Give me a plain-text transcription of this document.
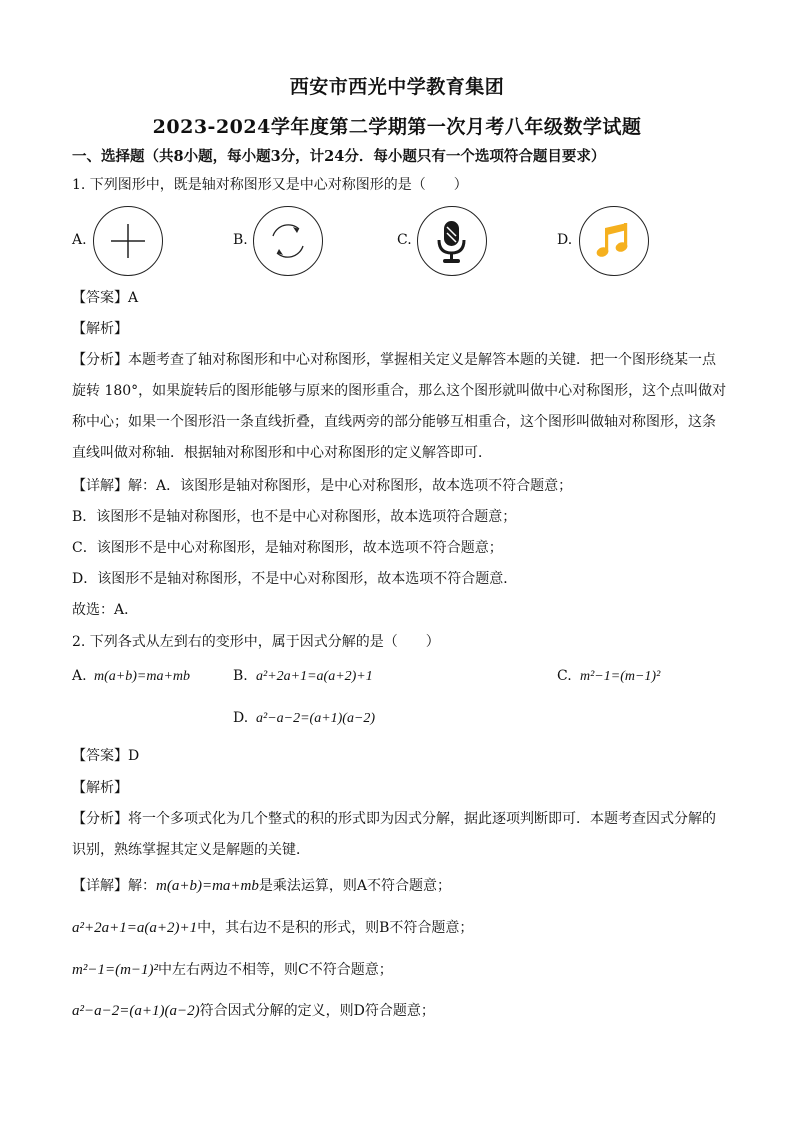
西安市西光中学教育集团
2023-2024学年度第二学期第一次月考八年级数学试题
一、选择题（共8小题，每小题3分，计24分．每小题只有一个选项符合题目要求）
1. 下列图形中，既是轴对称图形又是中心对称图形的是（　　）
A.	B.	C.	D.
【答案】A
【解析】
【分析】本题考查了轴对称图形和中心对称图形，掌握相关定义是解答本题的关键．把一个图形绕某一点
旋转 180°，如果旋转后的图形能够与原来的图形重合，那么这个图形就叫做中心对称图形，这个点叫做对
称中心；如果一个图形沿一条直线折叠，直线两旁的部分能够互相重合，这个图形叫做轴对称图形，这条
直线叫做对称轴．根据轴对称图形和中心对称图形的定义解答即可．
【详解】解：A．该图形是轴对称图形，是中心对称图形，故本选项不符合题意；
B．该图形不是轴对称图形，也不是中心对称图形，故本选项符合题意；
C．该图形不是中心对称图形，是轴对称图形，故本选项不符合题意；
D．该图形不是轴对称图形，不是中心对称图形，故本选项不符合题意．
故选：A．
2. 下列各式从左到右的变形中，属于因式分解的是（　　）
A. m(a+b)=ma+mb	B. a²+2a+1=a(a+2)+1	C. m²−1=(m−1)²
D. a²−a−2=(a+1)(a−2)
【答案】D
【解析】
【分析】将一个多项式化为几个整式的积的形式即为因式分解，据此逐项判断即可．本题考查因式分解的
识别，熟练掌握其定义是解题的关键．
【详解】解：m(a+b)=ma+mb是乘法运算，则A不符合题意；
a²+2a+1=a(a+2)+1中，其右边不是积的形式，则B不符合题意；
m²−1=(m−1)²中左右两边不相等，则C不符合题意；
a²−a−2=(a+1)(a−2)符合因式分解的定义，则D符合题意；
